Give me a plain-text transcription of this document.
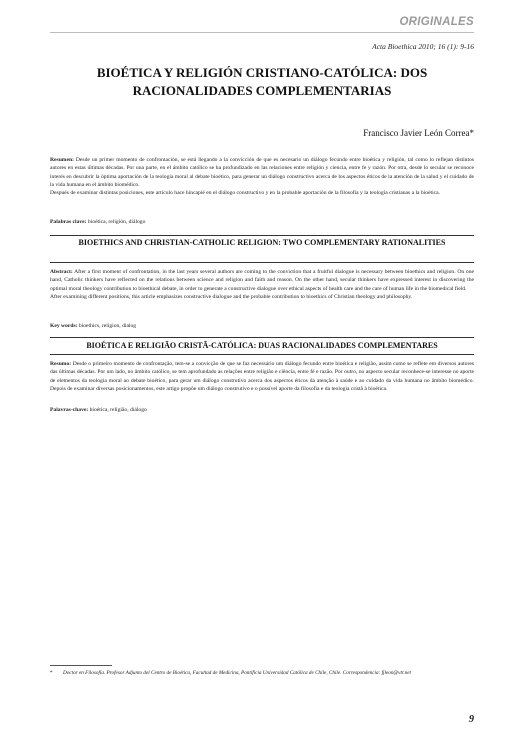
ORIGINALES
Acta Bioethica 2010; 16 (1): 9-16
BIOÉTICA Y RELIGIÓN CRISTIANO-CATÓLICA: DOS RACIONALIDADES COMPLEMENTARIAS
Francisco Javier León Correa*

Resumen: Desde un primer momento de confrontación, se está llegando a la convicción de que es necesario un diálogo fecundo entre bioética y religión, tal como lo reflejan distintos autores en estas últimas décadas. Por una parte, en el ámbito católico se ha profundizado en las relaciones entre religión y ciencia, entre fe y razón. Por otra, desde lo secular se reconoce interés en descubrir la óptima aportación de la teología moral al debate bioético, para generar un diálogo constructivo acerca de los aspectos éticos de la atención de la salud y el cuidado de la vida humana en el ámbito biomédico.

Después de examinar distintas posiciones, este artículo hace hincapié en el diálogo constructivo y en la probable aportación de la filosofía y la teología cristianas a la bioética.

Palabras clave: bioética, religión, diálogo

BIOETHICS AND CHRISTIAN-CATHOLIC RELIGION: TWO COMPLEMENTARY RATIONALITIES

Abstract: After a first moment of confrontation, in the last years several authors are coming to the conviction that a fruitful dialogue is necessary between bioethics and religion. On one hand, Catholic thinkers have reflected on the relations between science and religion and faith and reason. On the other hand, secular thinkers have expressed interest in discovering the optimal moral theology contribution to bioethical debate, in order to generate a constructive dialogue over ethical aspects of health care and the care of human life in the biomedical field.

After examining different positions, this article emphasizes constructive dialogue and the probable contribution to bioethics of Christian theology and philosophy.

Key words: bioethics, religion, dialog

BIOÉTICA E RELIGIÃO CRISTÃ-CATÓLICA: DUAS RACIONALIDADES COMPLEMENTARES

Resumo: Desde o primeiro momento de confrontação, tem-se a convicção de que se faz necessário um diálogo fecundo entre bioética e religião, assim como se reflete em diversos autores das últimas décadas. Por um lado, no âmbito católico, se tem aprofundado as relações entre religião e ciência, entre fé e razão. Por outro, no aspecto secular reconhece-se interesse no aporte de elementos da teologia moral ao debate bioético, para gerar um diálogo construtivo acerca dos aspectos éticos da atenção à saúde e ao cuidado da vida humana no âmbito biomédico. Depois de examinar diversas posicionamentos, este artigo propõe um diálogo construtivo e o possível aporte da filosofia e da teologia cristã à bioética.

Palavras-chave: bioética, religião, diálogo

* Doctor en Filosofía. Profesor Adjunto del Centro de Bioética, Facultad de Medicina, Pontificia Universidad Católica de Chile, Chile. Correspondencia: fjleon@vtr.net
9
